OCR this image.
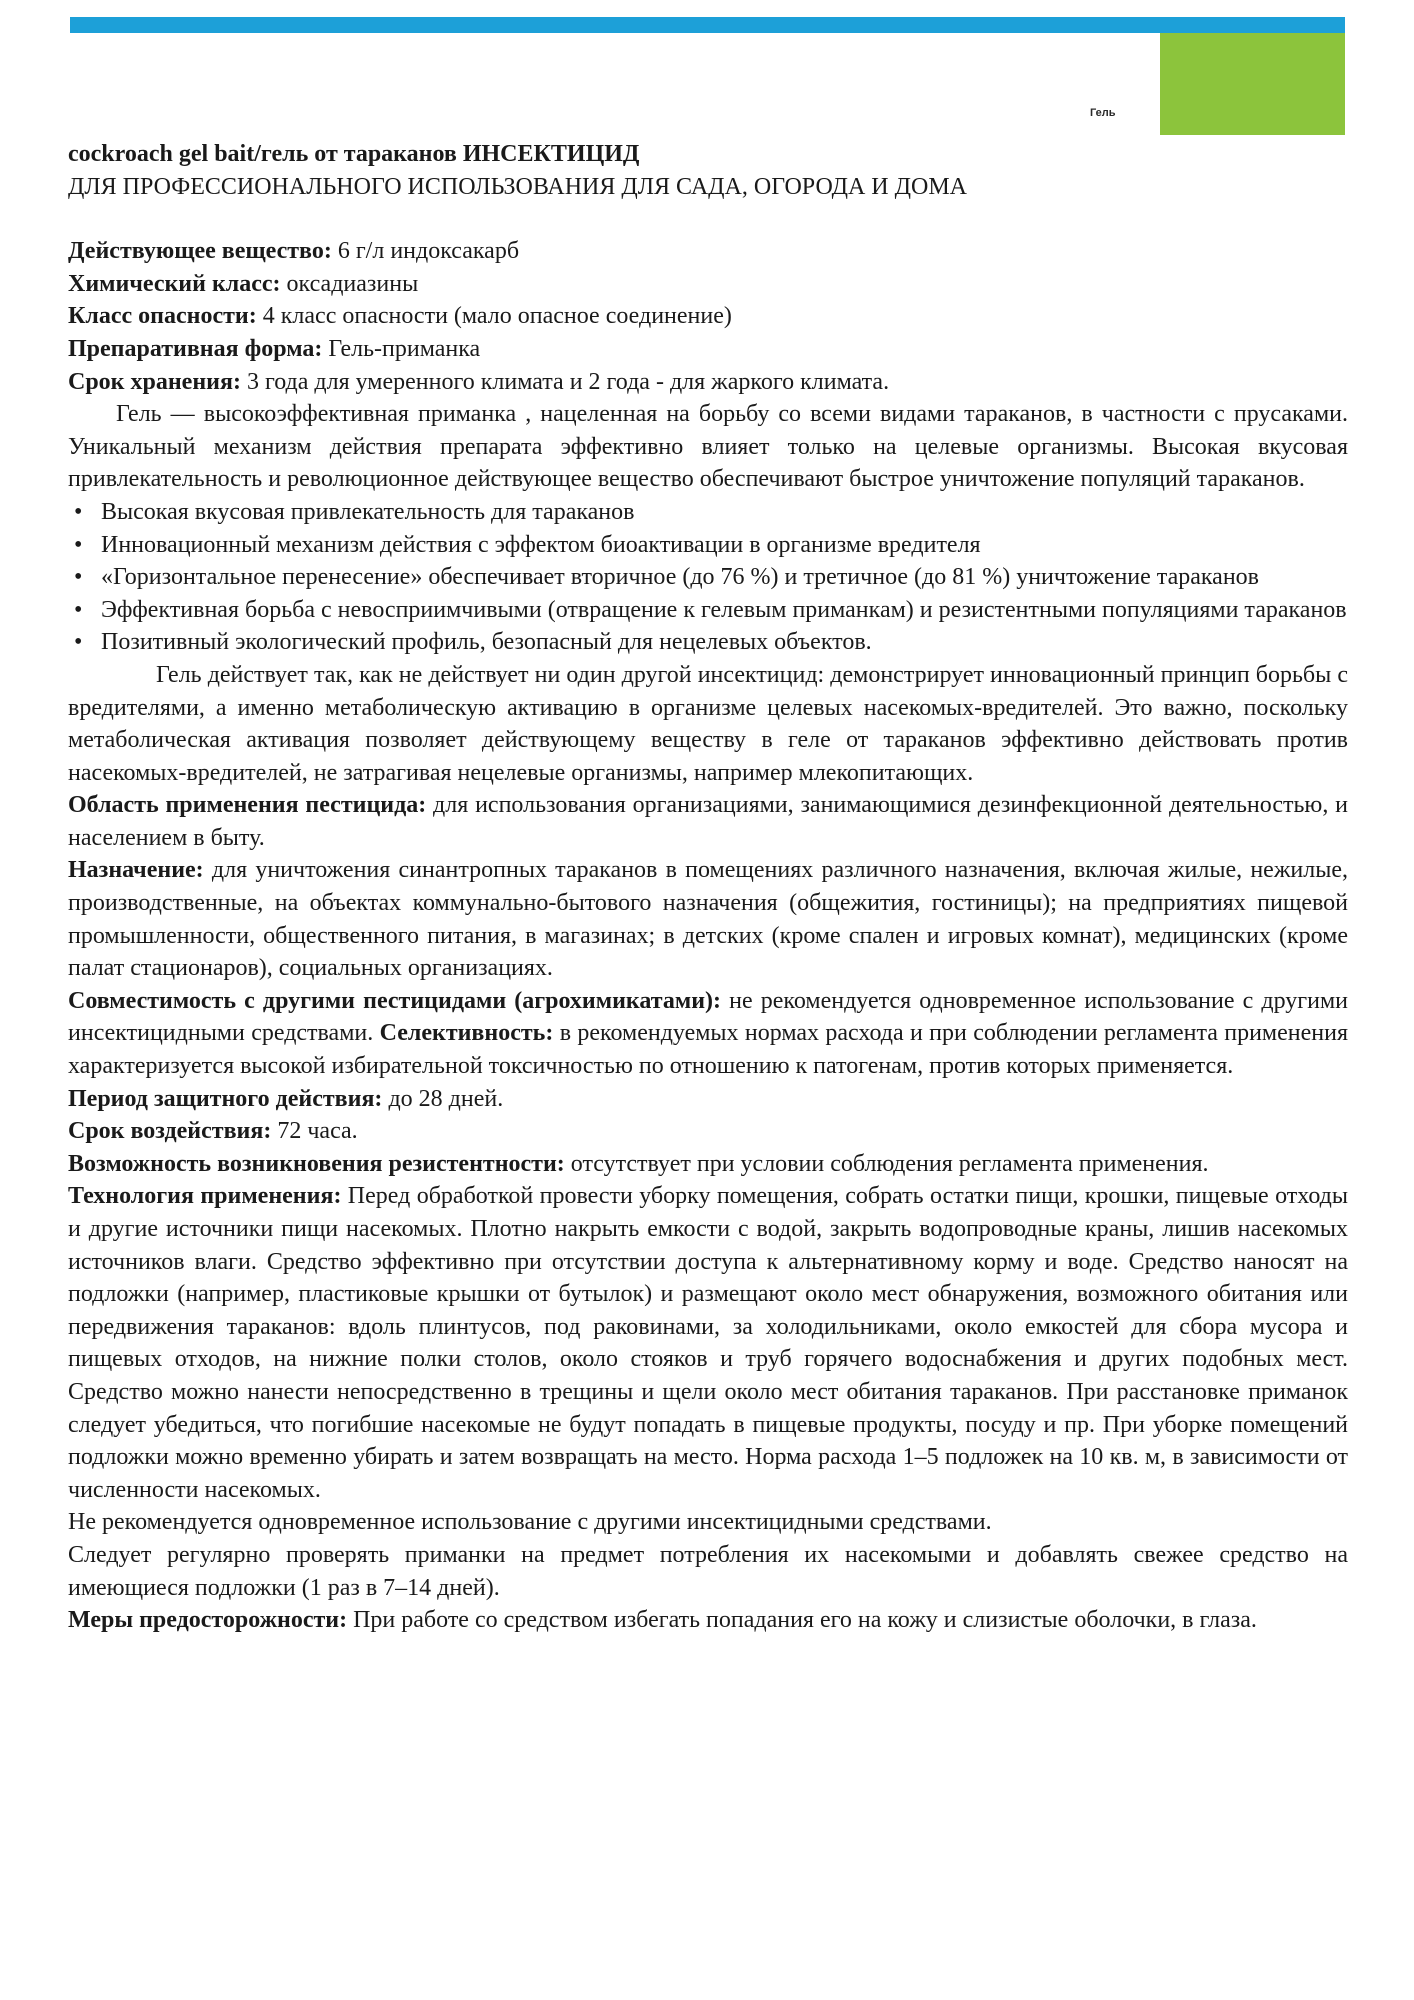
Гель

cockroach gel bait/гель от тараканов ИНСЕКТИЦИД

ДЛЯ ПРОФЕССИОНАЛЬНОГО ИСПОЛЬЗОВАНИЯ ДЛЯ САДА, ОГОРОДА И ДОМА

Действующее вещество: 6 г/л индоксакарб

Химический класс: оксадиазины

Класс опасности: 4 класс опасности (мало опасное соединение)

Препаративная форма: Гель-приманка

Срок хранения: 3 года для умеренного климата и 2 года - для жаркого климата.

Гель — высокоэффективная приманка , нацеленная на борьбу со всеми видами тараканов, в частности с прусаками. Уникальный механизм действия препарата эффективно влияет только на целевые организмы. Высокая вкусовая привлекательность и революционное действующее вещество обеспечивают быстрое уничтожение популяций тараканов.

• Высокая вкусовая привлекательность для тараканов
• Инновационный механизм действия с эффектом биоактивации в организме вредителя
• «Горизонтальное перенесение» обеспечивает вторичное (до 76 %) и третичное (до 81 %) уничтожение тараканов
• Эффективная борьба с невосприимчивыми (отвращение к гелевым приманкам) и резистентными популяциями тараканов
• Позитивный экологический профиль, безопасный для нецелевых объектов.

Гель действует так, как не действует ни один другой инсектицид: демонстрирует инновационный принцип борьбы с вредителями, а именно метаболическую активацию в организме целевых насекомых-вредителей. Это важно, поскольку метаболическая активация позволяет действующему веществу в геле от тараканов эффективно действовать против насекомых-вредителей, не затрагивая нецелевые организмы, например млекопитающих.

Область применения пестицида: для использования организациями, занимающимися дезинфекционной деятельностью, и населением в быту.

Назначение: для уничтожения синантропных тараканов в помещениях различного назначения, включая жилые, нежилые, производственные, на объектах коммунально-бытового назначения (общежития, гостиницы); на предприятиях пищевой промышленности, общественного питания, в магазинах; в детских (кроме спален и игровых комнат), медицинских (кроме палат стационаров), социальных организациях.

Совместимость с другими пестицидами (агрохимикатами): не рекомендуется одновременное использование с другими инсектицидными средствами. Селективность: в рекомендуемых нормах расхода и при соблюдении регламента применения характеризуется высокой избирательной токсичностью по отношению к патогенам, против которых применяется.

Период защитного действия: до 28 дней.

Срок воздействия: 72 часа.

Возможность возникновения резистентности: отсутствует при условии соблюдения регламента применения.

Технология применения: Перед обработкой провести уборку помещения, собрать остатки пищи, крошки, пищевые отходы и другие источники пищи насекомых. Плотно накрыть емкости с водой, закрыть водопроводные краны, лишив насекомых источников влаги. Средство эффективно при отсутствии доступа к альтернативному корму и воде. Средство наносят на подложки (например, пластиковые крышки от бутылок) и размещают около мест обнаружения, возможного обитания или передвижения тараканов: вдоль плинтусов, под раковинами, за холодильниками, около емкостей для сбора мусора и пищевых отходов, на нижние полки столов, около стояков и труб горячего водоснабжения и других подобных мест. Средство можно нанести непосредственно в трещины и щели около мест обитания тараканов. При расстановке приманок следует убедиться, что погибшие насекомые не будут попадать в пищевые продукты, посуду и пр. При уборке помещений подложки можно временно убирать и затем возвращать на место. Норма расхода 1–5 подложек на 10 кв. м, в зависимости от численности насекомых.

Не рекомендуется одновременное использование с другими инсектицидными средствами.

Следует регулярно проверять приманки на предмет потребления их насекомыми и добавлять свежее средство на имеющиеся подложки (1 раз в 7–14 дней).

Меры предосторожности: При работе со средством избегать попадания его на кожу и слизистые оболочки, в глаза.
